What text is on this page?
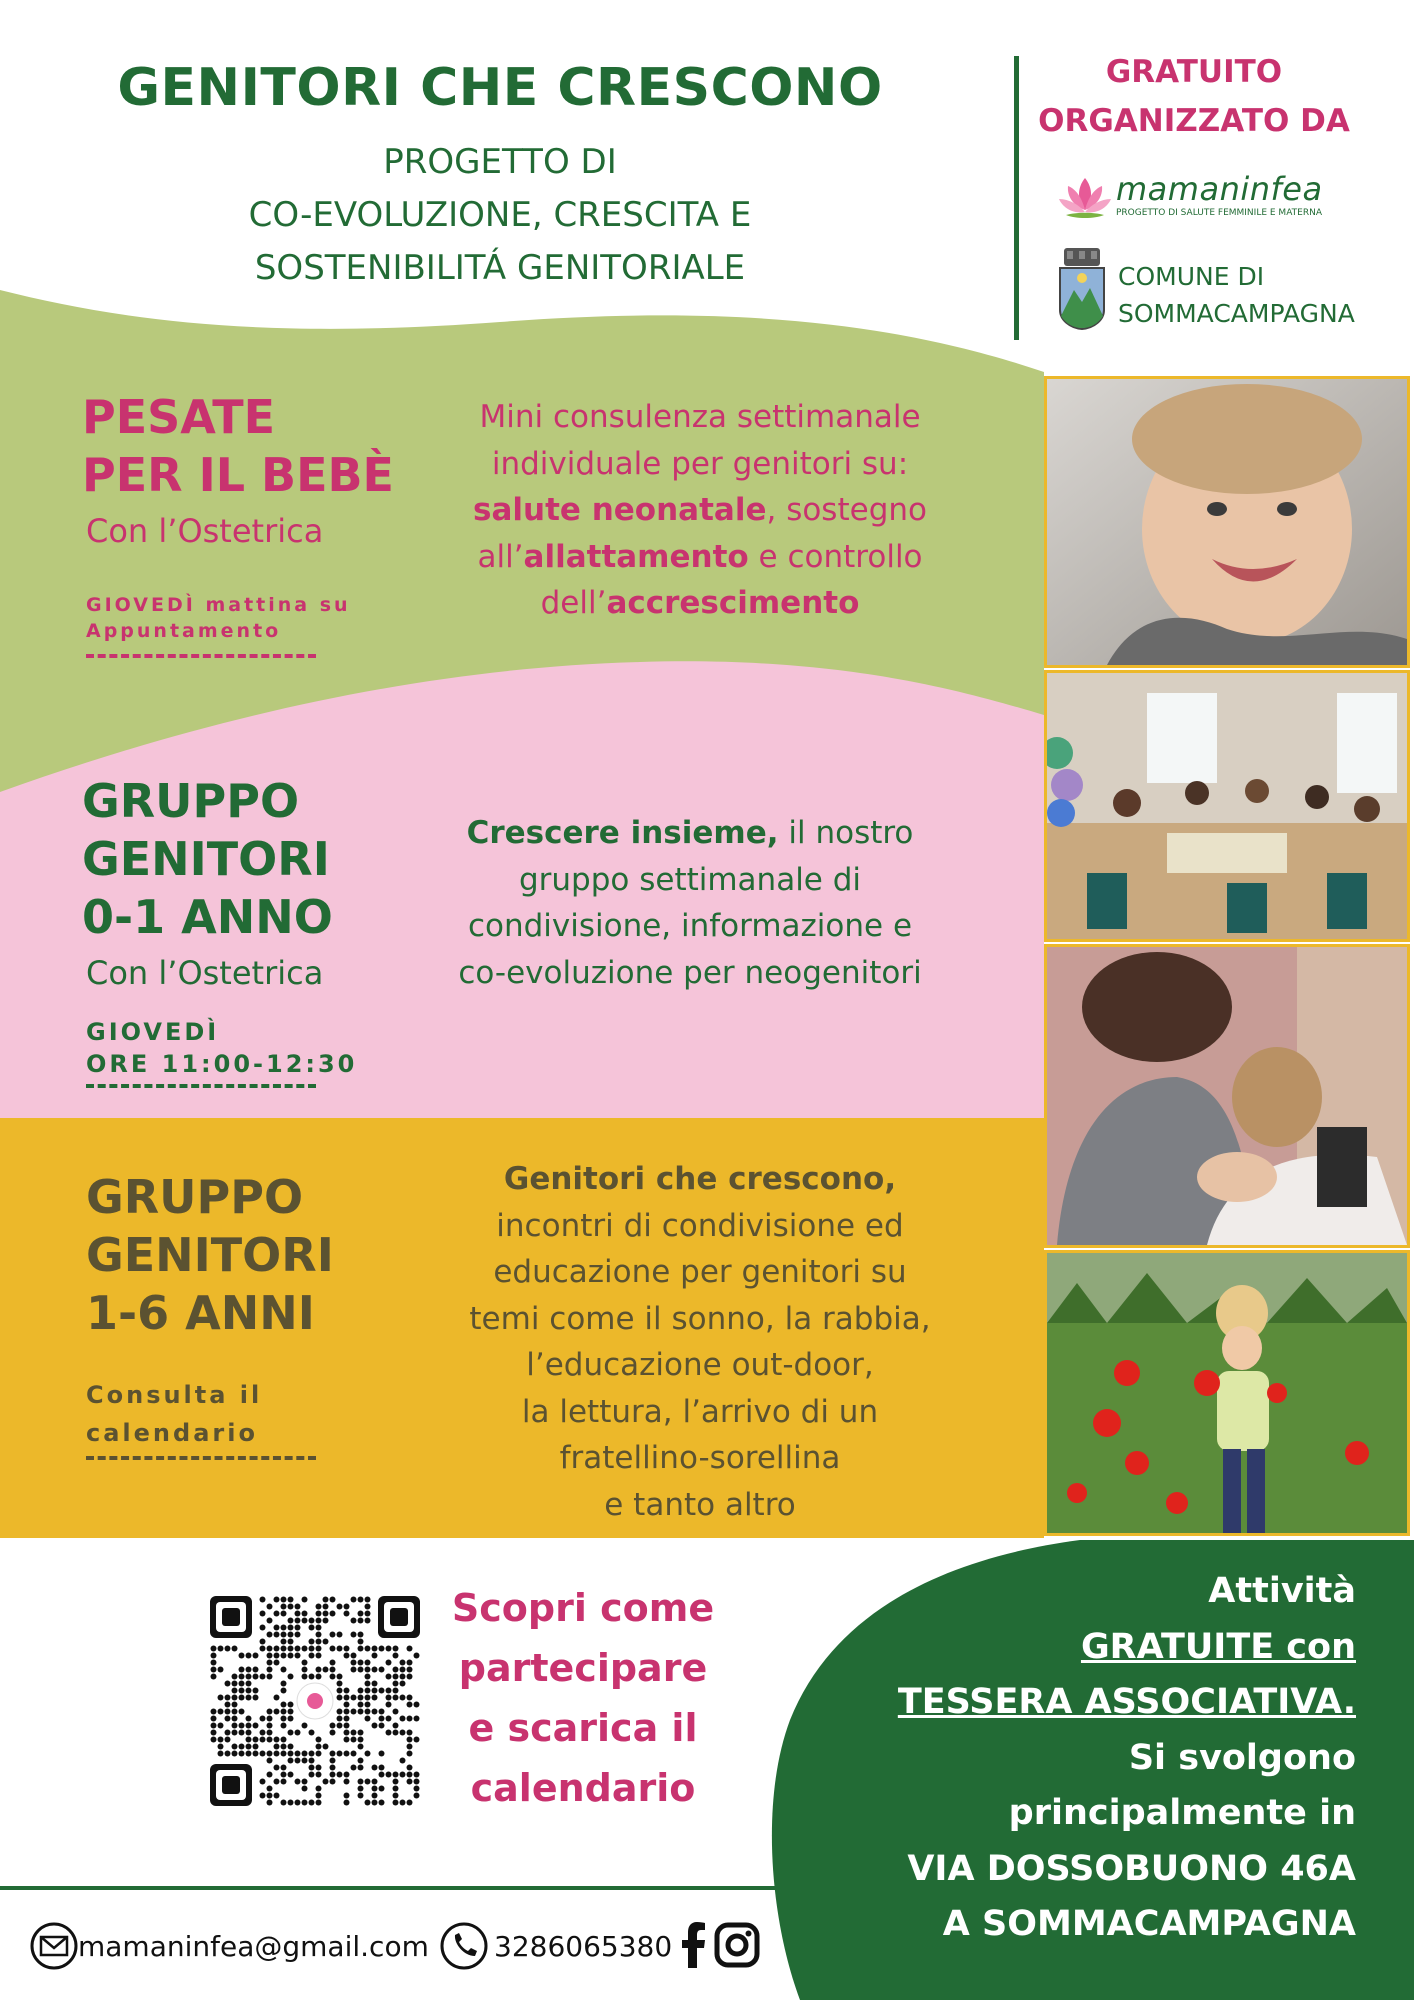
GENITORI CHE CRESCONO
PROGETTO DI
CO-EVOLUZIONE, CRESCITA E
SOSTENIBILITÁ GENITORIALE
GRATUITO
ORGANIZZATO DA
mamaninfea
PROGETTO DI SALUTE FEMMINILE E MATERNA
COMUNE DI
SOMMACAMPAGNA
PESATE
PER IL BEBÈ
Con l’Ostetrica
GIOVEDÌ mattina su
Appuntamento
Mini consulenza settimanale
individuale per genitori su:
salute neonatale, sostegno
all’allattamento e controllo
dell’accrescimento
GRUPPO
GENITORI
0-1 ANNO
Con l’Ostetrica
GIOVEDÌ
ORE 11:00-12:30
Crescere insieme, il nostro
gruppo settimanale di
condivisione, informazione e
co-evoluzione per neogenitori
GRUPPO
GENITORI
1-6 ANNI
Consulta il
calendario
Genitori che crescono,
incontri di condivisione ed
educazione per genitori su
temi come il sonno, la rabbia,
l’educazione out-door,
la lettura, l’arrivo di un
fratellino-sorellina
e tanto altro
Scopri come
partecipare
e scarica il
calendario
Attività
GRATUITE con
TESSERA ASSOCIATIVA.
Si svolgono
principalmente in
VIA DOSSOBUONO 46A
A SOMMACAMPAGNA
mamaninfea@gmail.com 3286065380
